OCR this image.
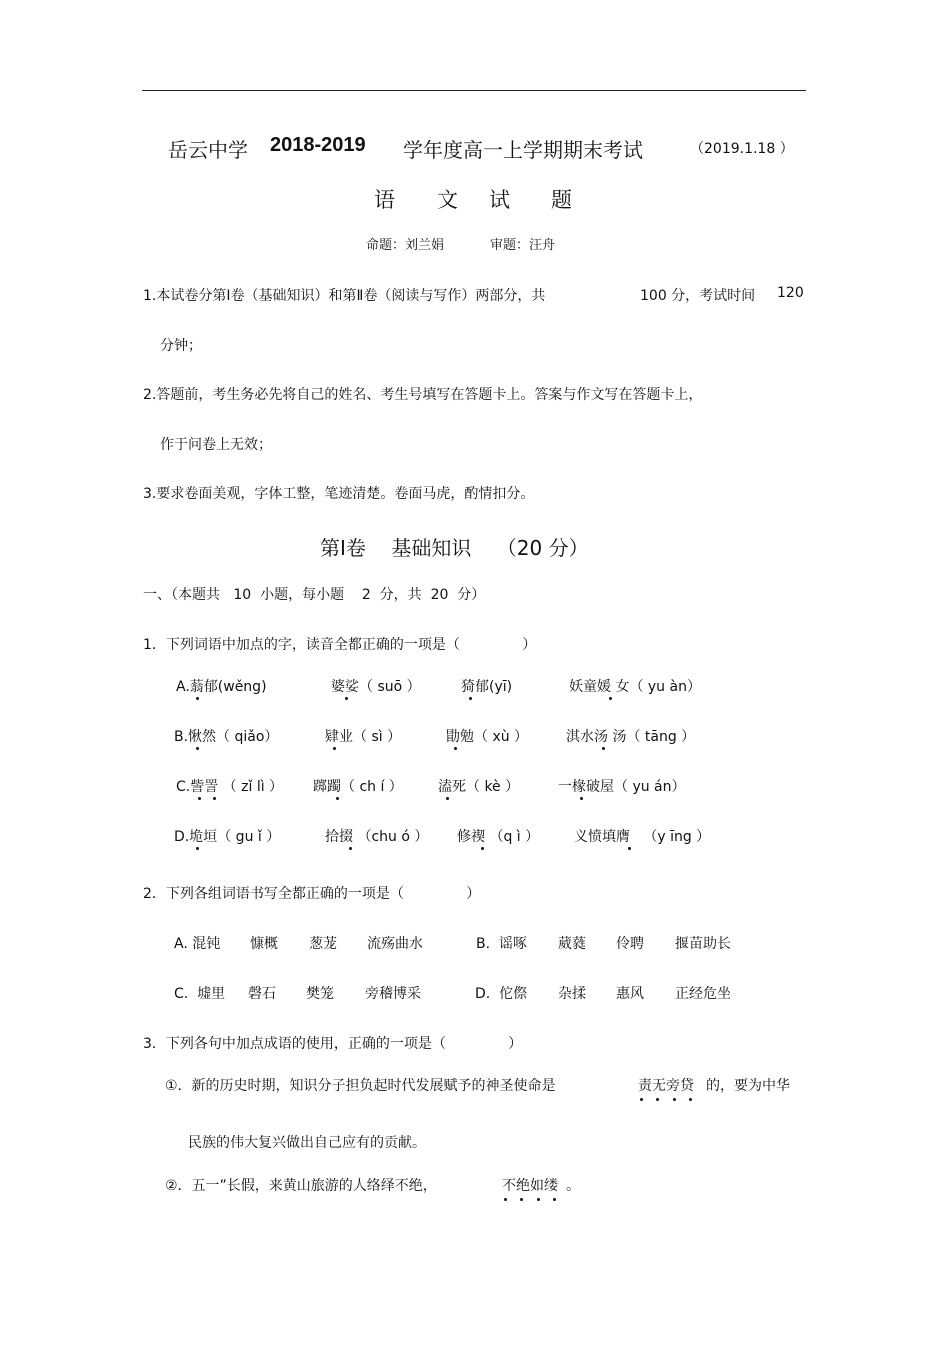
岳云中学 2018-2019 学年度高一上学期期末考试	（2019.1.18 ）
语 文 试 题
命题：刘兰娟	审题：汪舟
1.本试卷分第Ⅰ卷（基础知识）和第Ⅱ卷（阅读与写作）两部分，共	100 分，考试时间 120
分钟；
2.答题前，考生务必先将自己的姓名、考生号填写在答题卡上。答案与作文写在答题卡上，
作于问卷上无效；
3.要求卷面美观，字体工整，笔迹清楚。卷面马虎，酌情扣分。
第Ⅰ卷    基础知识    （20 分）
一、（本题共   10  小题，每小题    2  分，共  20  分）
1．下列词语中加点的字，读音全都正确的一项是（              ）
A.蓊郁(wěng)	婆娑（ suō ）	猗郁(yī)	妖童媛 女（ yu àn）
B.愀然（ qiǎo）	肄业（ sì ）	勖勉（ xù ）	淇水汤 汤（ tāng ）
C.訾詈 （ zǐ lì ） 踯躅（ ch í ）	溘死（ kè ）	一椽破屋（ yu án）
D.垝垣（ gu ǐ ）	拾掇 （chu ó ） 修禊 （q ì ） 义愤填膺   （y īng ）
2．下列各组词语书写全都正确的一项是（              ）
A. 混钝 慷概 葱茏 流殇曲水	B.  谣啄 葳蕤 伶聘 揠苗助长
C.  墟里 磬石 樊笼 旁稽博采	D.  佗傺 杂揉 惠风 正经危坐
3．下列各句中加点成语的使用，正确的一项是（              ）
①．新的历史时期，知识分子担负起时代发展赋予的神圣使命是	责无旁贷 的，要为中华
民族的伟大复兴做出自己应有的贡献。
②．五一”长假，来黄山旅游的人络绎不绝，	不绝如缕 。
